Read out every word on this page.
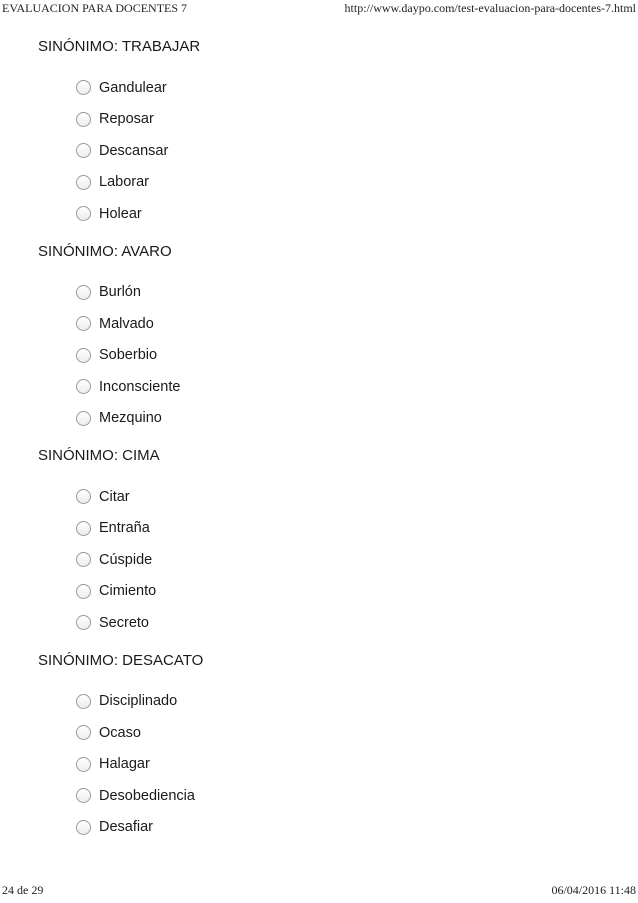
EVALUACION PARA DOCENTES 7	http://www.daypo.com/test-evaluacion-para-docentes-7.html
SINÓNIMO: TRABAJAR
Gandulear
Reposar
Descansar
Laborar
Holear
SINÓNIMO: AVARO
Burlón
Malvado
Soberbio
Inconsciente
Mezquino
SINÓNIMO: CIMA
Citar
Entraña
Cúspide
Cimiento
Secreto
SINÓNIMO: DESACATO
Disciplinado
Ocaso
Halagar
Desobediencia
Desafiar
24 de 29	06/04/2016 11:48
